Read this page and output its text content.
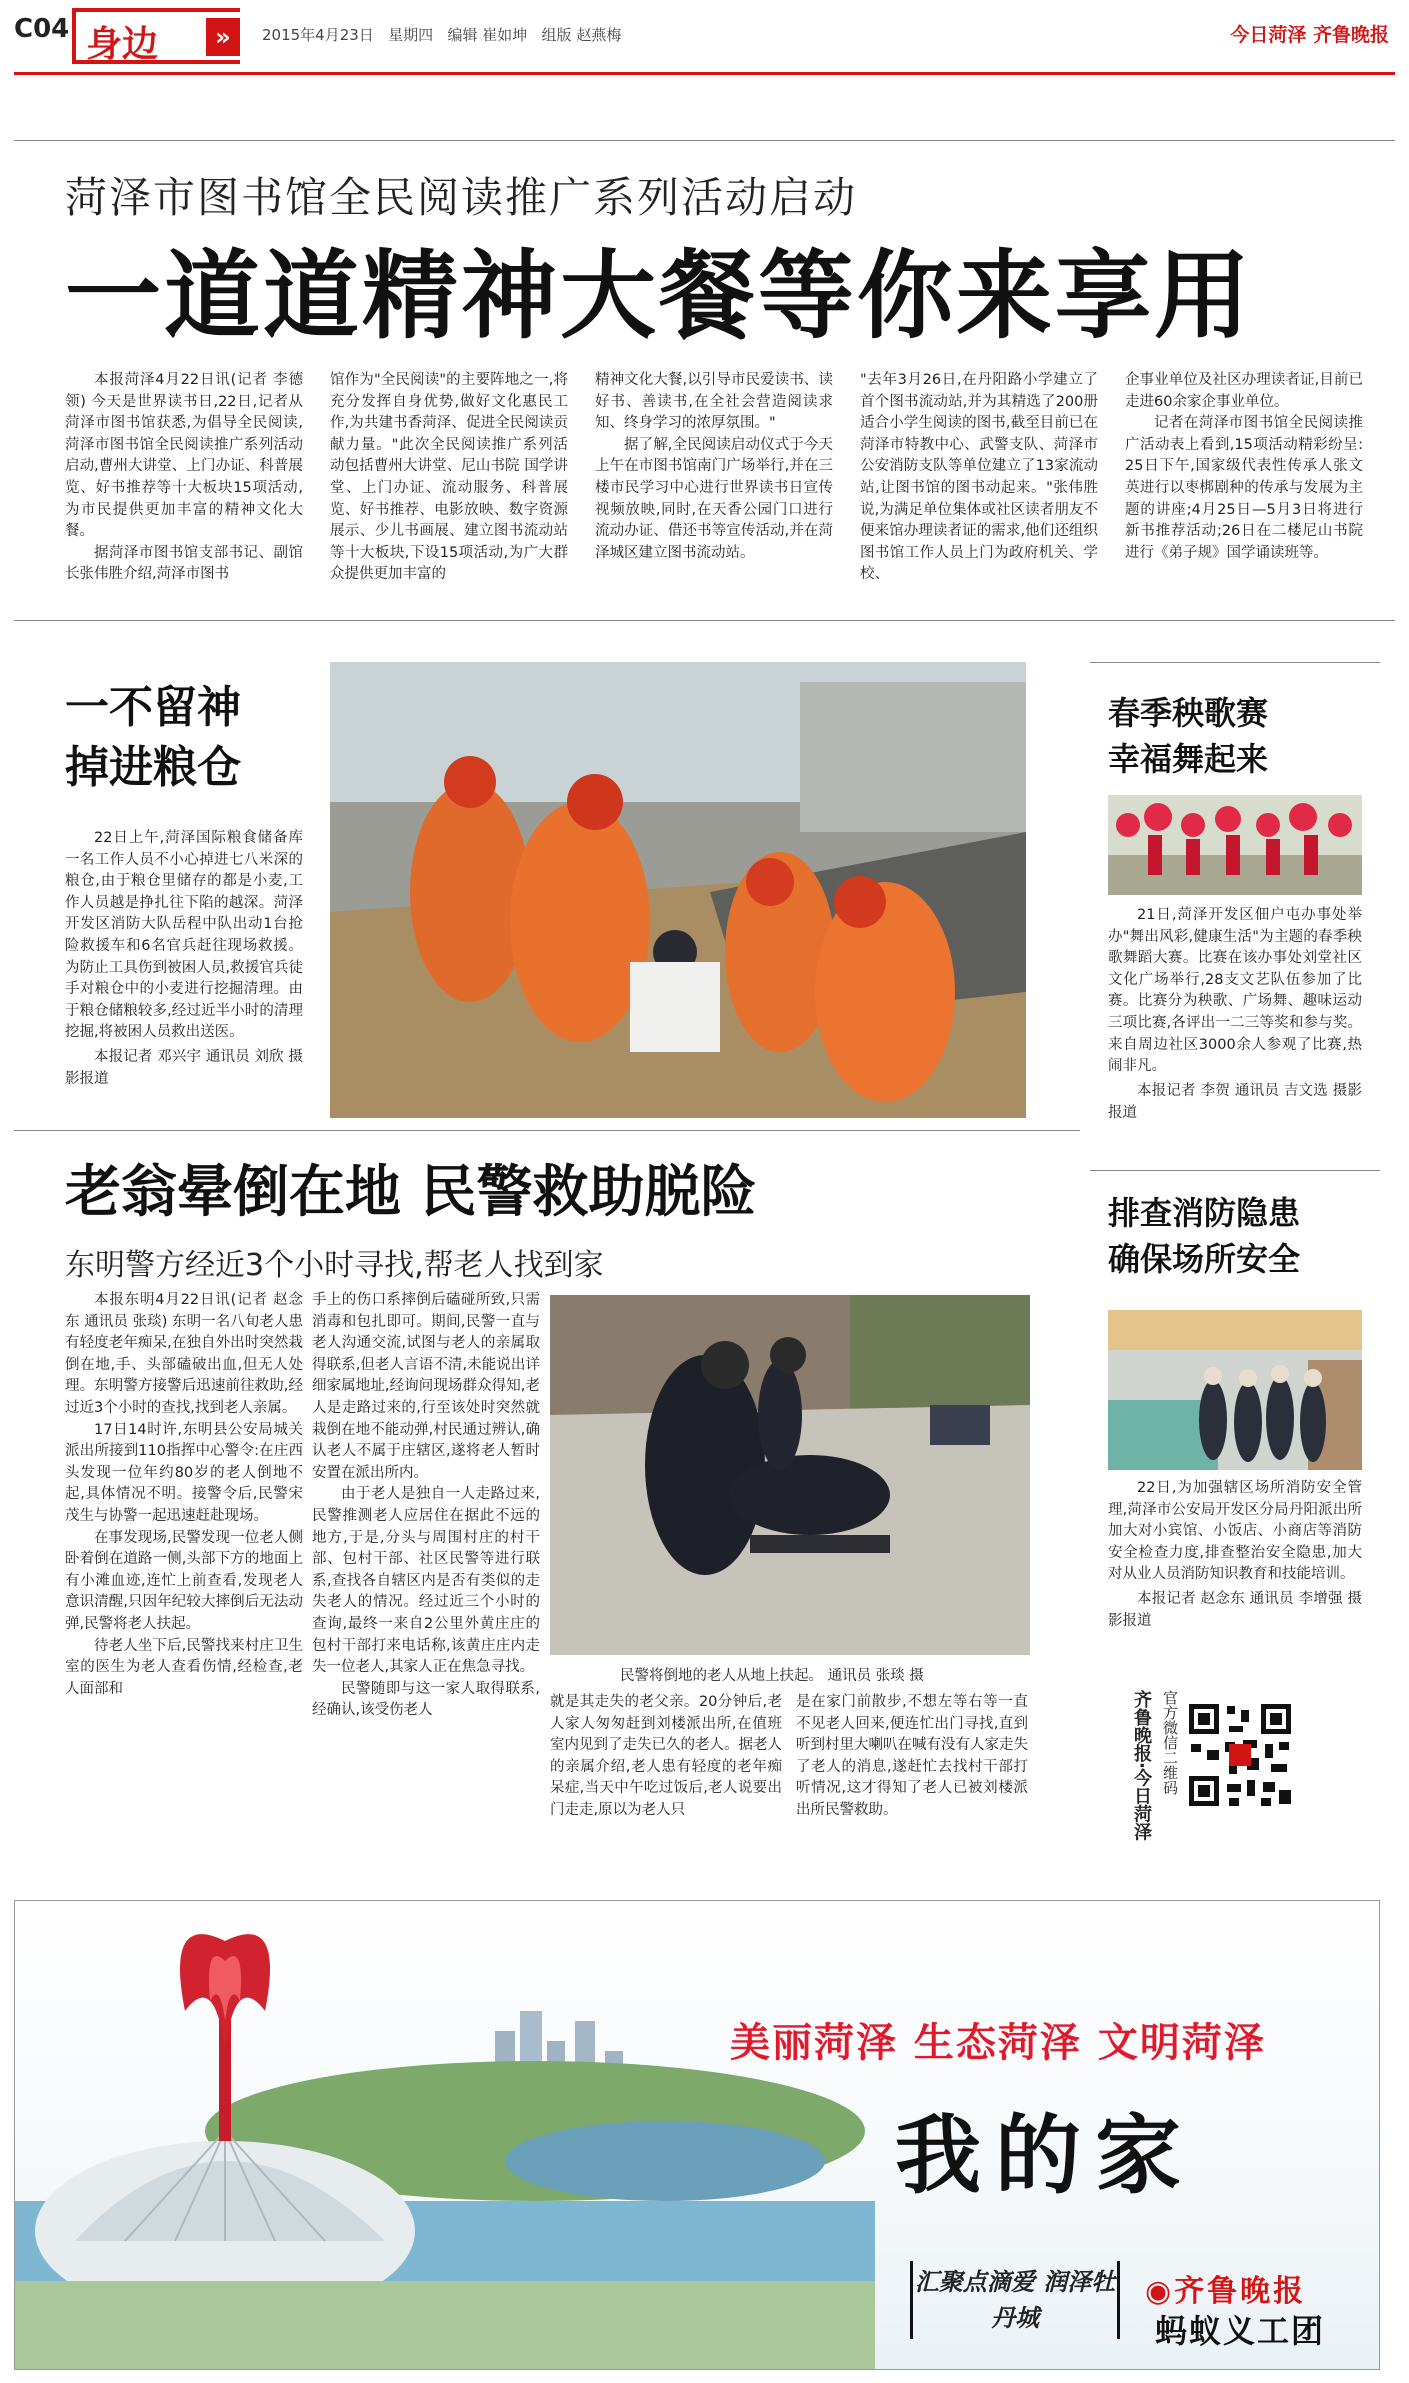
C04 身边	»	2015年4月23日 星期四 编辑 崔如坤 组版 赵燕梅	今日菏泽 齐鲁晚报
菏泽市图书馆全民阅读推广系列活动启动
一道道精神大餐等你来享用

本报菏泽4月22日讯(记者 李德领) 今天是世界读书日,22日,记者从菏泽市图书馆获悉,为倡导全民阅读,菏泽市图书馆全民阅读推广系列活动启动,曹州大讲堂、上门办证、科普展览、好书推荐等十大板块15项活动,为市民提供更加丰富的精神文化大餐。

据菏泽市图书馆支部书记、副馆长张伟胜介绍,菏泽市图书

馆作为"全民阅读"的主要阵地之一,将充分发挥自身优势,做好文化惠民工作,为共建书香菏泽、促进全民阅读贡献力量。"此次全民阅读推广系列活动包括曹州大讲堂、尼山书院 国学讲堂、上门办证、流动服务、科普展览、好书推荐、电影放映、数字资源展示、少儿书画展、建立图书流动站等十大板块,下设15项活动,为广大群众提供更加丰富的

精神文化大餐,以引导市民爱读书、读好书、善读书,在全社会营造阅读求知、终身学习的浓厚氛围。"

据了解,全民阅读启动仪式于今天上午在市图书馆南门广场举行,并在三楼市民学习中心进行世界读书日宣传视频放映,同时,在天香公园门口进行流动办证、借还书等宣传活动,并在菏泽城区建立图书流动站。

"去年3月26日,在丹阳路小学建立了首个图书流动站,并为其精选了200册适合小学生阅读的图书,截至目前已在菏泽市特教中心、武警支队、菏泽市公安消防支队等单位建立了13家流动站,让图书馆的图书动起来。"张伟胜说,为满足单位集体或社区读者朋友不便来馆办理读者证的需求,他们还组织图书馆工作人员上门为政府机关、学校、

企事业单位及社区办理读者证,目前已走进60余家企事业单位。

记者在菏泽市图书馆全民阅读推广活动表上看到,15项活动精彩纷呈:25日下午,国家级代表性传承人张文英进行以枣梆剧种的传承与发展为主题的讲座;4月25日—5月3日将进行新书推荐活动;26日在二楼尼山书院进行《弟子规》国学诵读班等。

一不留神
掉进粮仓

22日上午,菏泽国际粮食储备库一名工作人员不小心掉进七八米深的粮仓,由于粮仓里储存的都是小麦,工作人员越是挣扎往下陷的越深。菏泽开发区消防大队岳程中队出动1台抢险救援车和6名官兵赶往现场救援。为防止工具伤到被困人员,救援官兵徒手对粮仓中的小麦进行挖掘清理。由于粮仓储粮较多,经过近半小时的清理挖掘,将被困人员救出送医。

本报记者 邓兴宇 通讯员 刘欣 摄影报道
春季秧歌赛
幸福舞起来

21日,菏泽开发区佃户屯办事处举办"舞出风彩,健康生活"为主题的春季秧歌舞蹈大赛。比赛在该办事处刘堂社区文化广场举行,28支文艺队伍参加了比赛。比赛分为秧歌、广场舞、趣味运动三项比赛,各评出一二三等奖和参与奖。来自周边社区3000余人参观了比赛,热闹非凡。

本报记者 李贺 通讯员 吉文选 摄影报道
老翁晕倒在地 民警救助脱险
东明警方经近3个小时寻找,帮老人找到家

本报东明4月22日讯(记者 赵念东 通讯员 张琰) 东明一名八旬老人患有轻度老年痴呆,在独自外出时突然栽倒在地,手、头部磕破出血,但无人处理。东明警方接警后迅速前往救助,经过近3个小时的查找,找到老人亲属。

17日14时许,东明县公安局城关派出所接到110指挥中心警令:在庄西头发现一位年约80岁的老人倒地不起,具体情况不明。接警令后,民警宋茂生与协警一起迅速赶赴现场。

在事发现场,民警发现一位老人侧卧着倒在道路一侧,头部下方的地面上有小滩血迹,连忙上前查看,发现老人意识清醒,只因年纪较大摔倒后无法动弹,民警将老人扶起。

待老人坐下后,民警找来村庄卫生室的医生为老人查看伤情,经检查,老人面部和

手上的伤口系摔倒后磕碰所致,只需消毒和包扎即可。期间,民警一直与老人沟通交流,试图与老人的亲属取得联系,但老人言语不清,未能说出详细家属地址,经询问现场群众得知,老人是走路过来的,行至该处时突然就栽倒在地不能动弹,村民通过辨认,确认老人不属于庄辖区,遂将老人暂时安置在派出所内。

由于老人是独自一人走路过来,民警推测老人应居住在据此不远的地方,于是,分头与周围村庄的村干部、包村干部、社区民警等进行联系,查找各自辖区内是否有类似的走失老人的情况。经过近三个小时的查询,最终一来自2公里外黄庄庄的包村干部打来电话称,该黄庄庄内走失一位老人,其家人正在焦急寻找。

民警随即与这一家人取得联系,经确认,该受伤老人

民警将倒地的老人从地上扶起。 通讯员 张琰 摄

就是其走失的老父亲。20分钟后,老人家人匆匆赶到刘楼派出所,在值班室内见到了走失已久的老人。据老人的亲属介绍,老人患有轻度的老年痴呆症,当天中午吃过饭后,老人说要出门走走,原以为老人只

是在家门前散步,不想左等右等一直不见老人回来,便连忙出门寻找,直到听到村里大喇叭在喊有没有人家走失了老人的消息,遂赶忙去找村干部打听情况,这才得知了老人已被刘楼派出所民警救助。

排查消防隐患
确保场所安全

22日,为加强辖区场所消防安全管理,菏泽市公安局开发区分局丹阳派出所加大对小宾馆、小饭店、小商店等消防安全检查力度,排查整治安全隐患,加大对从业人员消防知识教育和技能培训。

本报记者 赵念东 通讯员 李增强 摄影报道
齐鲁晚报·今日菏泽 官方微信二维码
美丽菏泽 生态菏泽 文明菏泽
我的家
汇聚点滴爱 润泽牡丹城
◉齐鲁晚报
蚂蚁义工团
